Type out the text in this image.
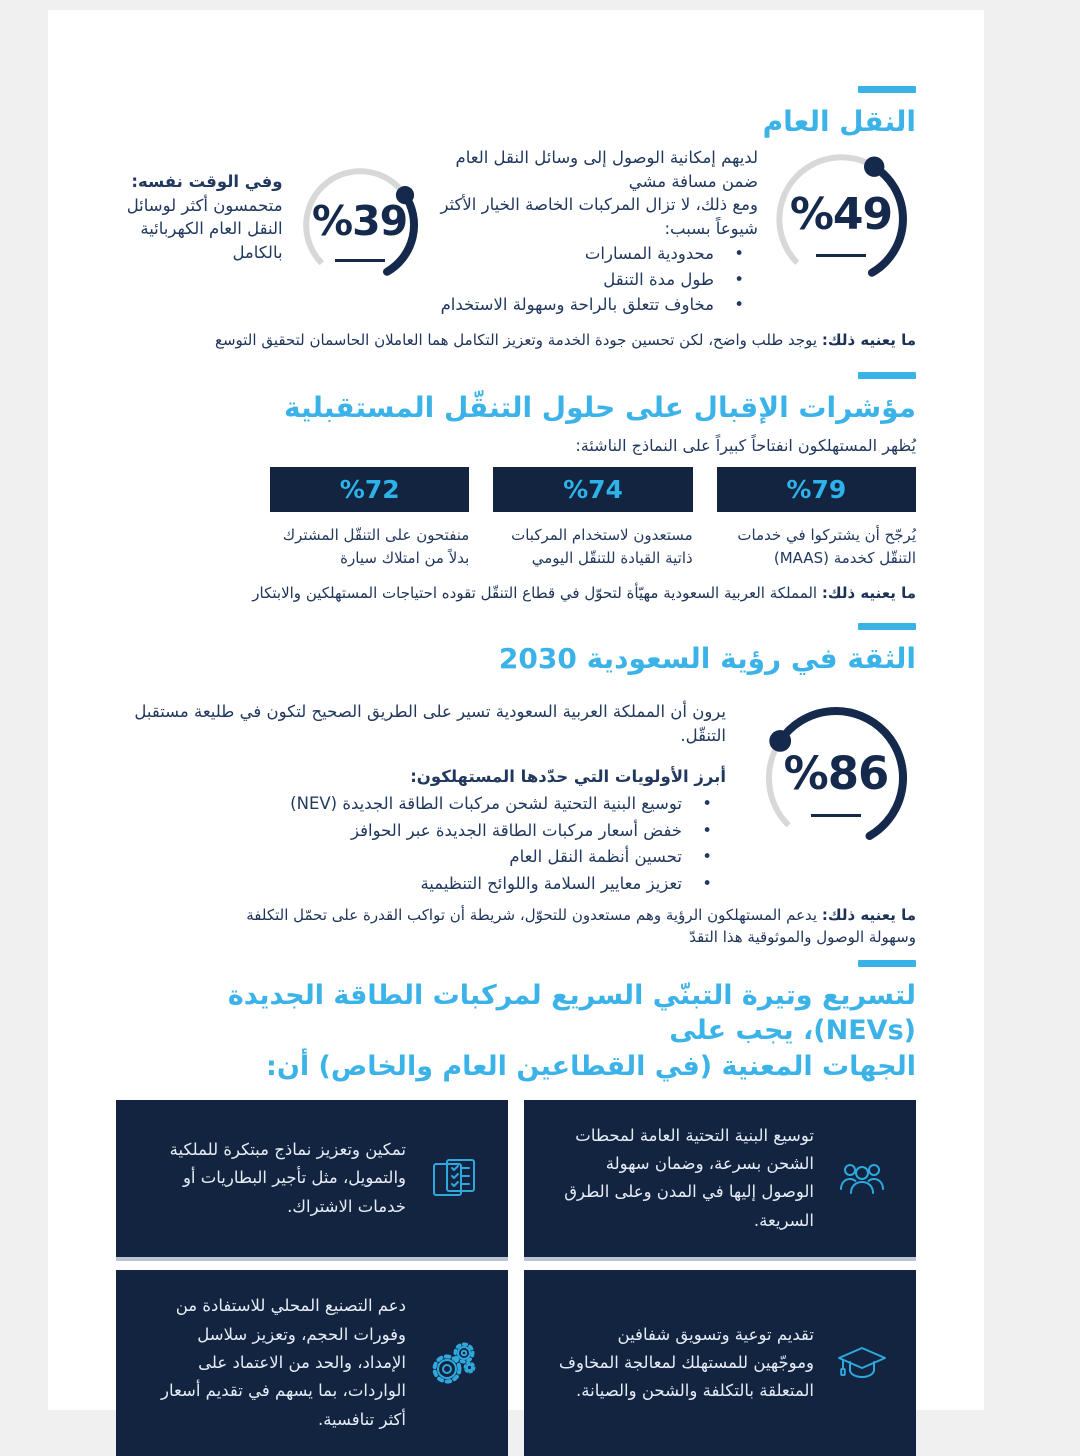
النقل العام
%49
لديهم إمكانية الوصول إلى وسائل النقل العام
ضمن مسافة مشي
ومع ذلك، لا تزال المركبات الخاصة الخيار الأكثر
شيوعاً بسبب:
• محدودية المسارات
• طول مدة التنقل
• مخاوف تتعلق بالراحة وسهولة الاستخدام
%39
وفي الوقت نفسه:
متحمسون أكثر لوسائل
النقل العام الكهربائية
بالكامل
ما يعنيه ذلك: يوجد طلب واضح، لكن تحسين جودة الخدمة وتعزيز التكامل هما العاملان الحاسمان لتحقيق التوسع
مؤشرات الإقبال على حلول التنقّل المستقبلية
يُظهر المستهلكون انفتاحاً كبيراً على النماذج الناشئة:
%79
يُرجّح أن يشتركوا في خدمات
التنقّل كخدمة (MAAS)
%74
مستعدون لاستخدام المركبات
ذاتية القيادة للتنقّل اليومي
%72
منفتحون على التنقّل المشترك
بدلاً من امتلاك سيارة
ما يعنيه ذلك: المملكة العربية السعودية مهيّأة لتحوّل في قطاع التنقّل تقوده احتياجات المستهلكين والابتكار
الثقة في رؤية السعودية 2030
%86
يرون أن المملكة العربية السعودية تسير على الطريق الصحيح لتكون في طليعة مستقبل التنقّل.
أبرز الأولويات التي حدّدها المستهلكون:
• توسيع البنية التحتية لشحن مركبات الطاقة الجديدة (NEV)
• خفض أسعار مركبات الطاقة الجديدة عبر الحوافز
• تحسين أنظمة النقل العام
• تعزيز معايير السلامة واللوائح التنظيمية
ما يعنيه ذلك: يدعم المستهلكون الرؤية وهم مستعدون للتحوّل، شريطة أن تواكب القدرة على تحمّل التكلفة
وسهولة الوصول والموثوقية هذا التقدّ
لتسريع وتيرة التبنّي السريع لمركبات الطاقة الجديدة (NEVs)، يجب على
الجهات المعنية (في القطاعين العام والخاص) أن:
توسيع البنية التحتية العامة لمحطات الشحن بسرعة، وضمان سهولة الوصول إليها في المدن وعلى الطرق السريعة.
تمكين وتعزيز نماذج مبتكرة للملكية والتمويل، مثل تأجير البطاريات أو خدمات الاشتراك.
تقديم توعية وتسويق شفافين وموجّهين للمستهلك لمعالجة المخاوف المتعلقة بالتكلفة والشحن والصيانة.
دعم التصنيع المحلي للاستفادة من وفورات الحجم، وتعزيز سلاسل الإمداد، والحد من الاعتماد على الواردات، بما يسهم في تقديم أسعار أكثر تنافسية.
